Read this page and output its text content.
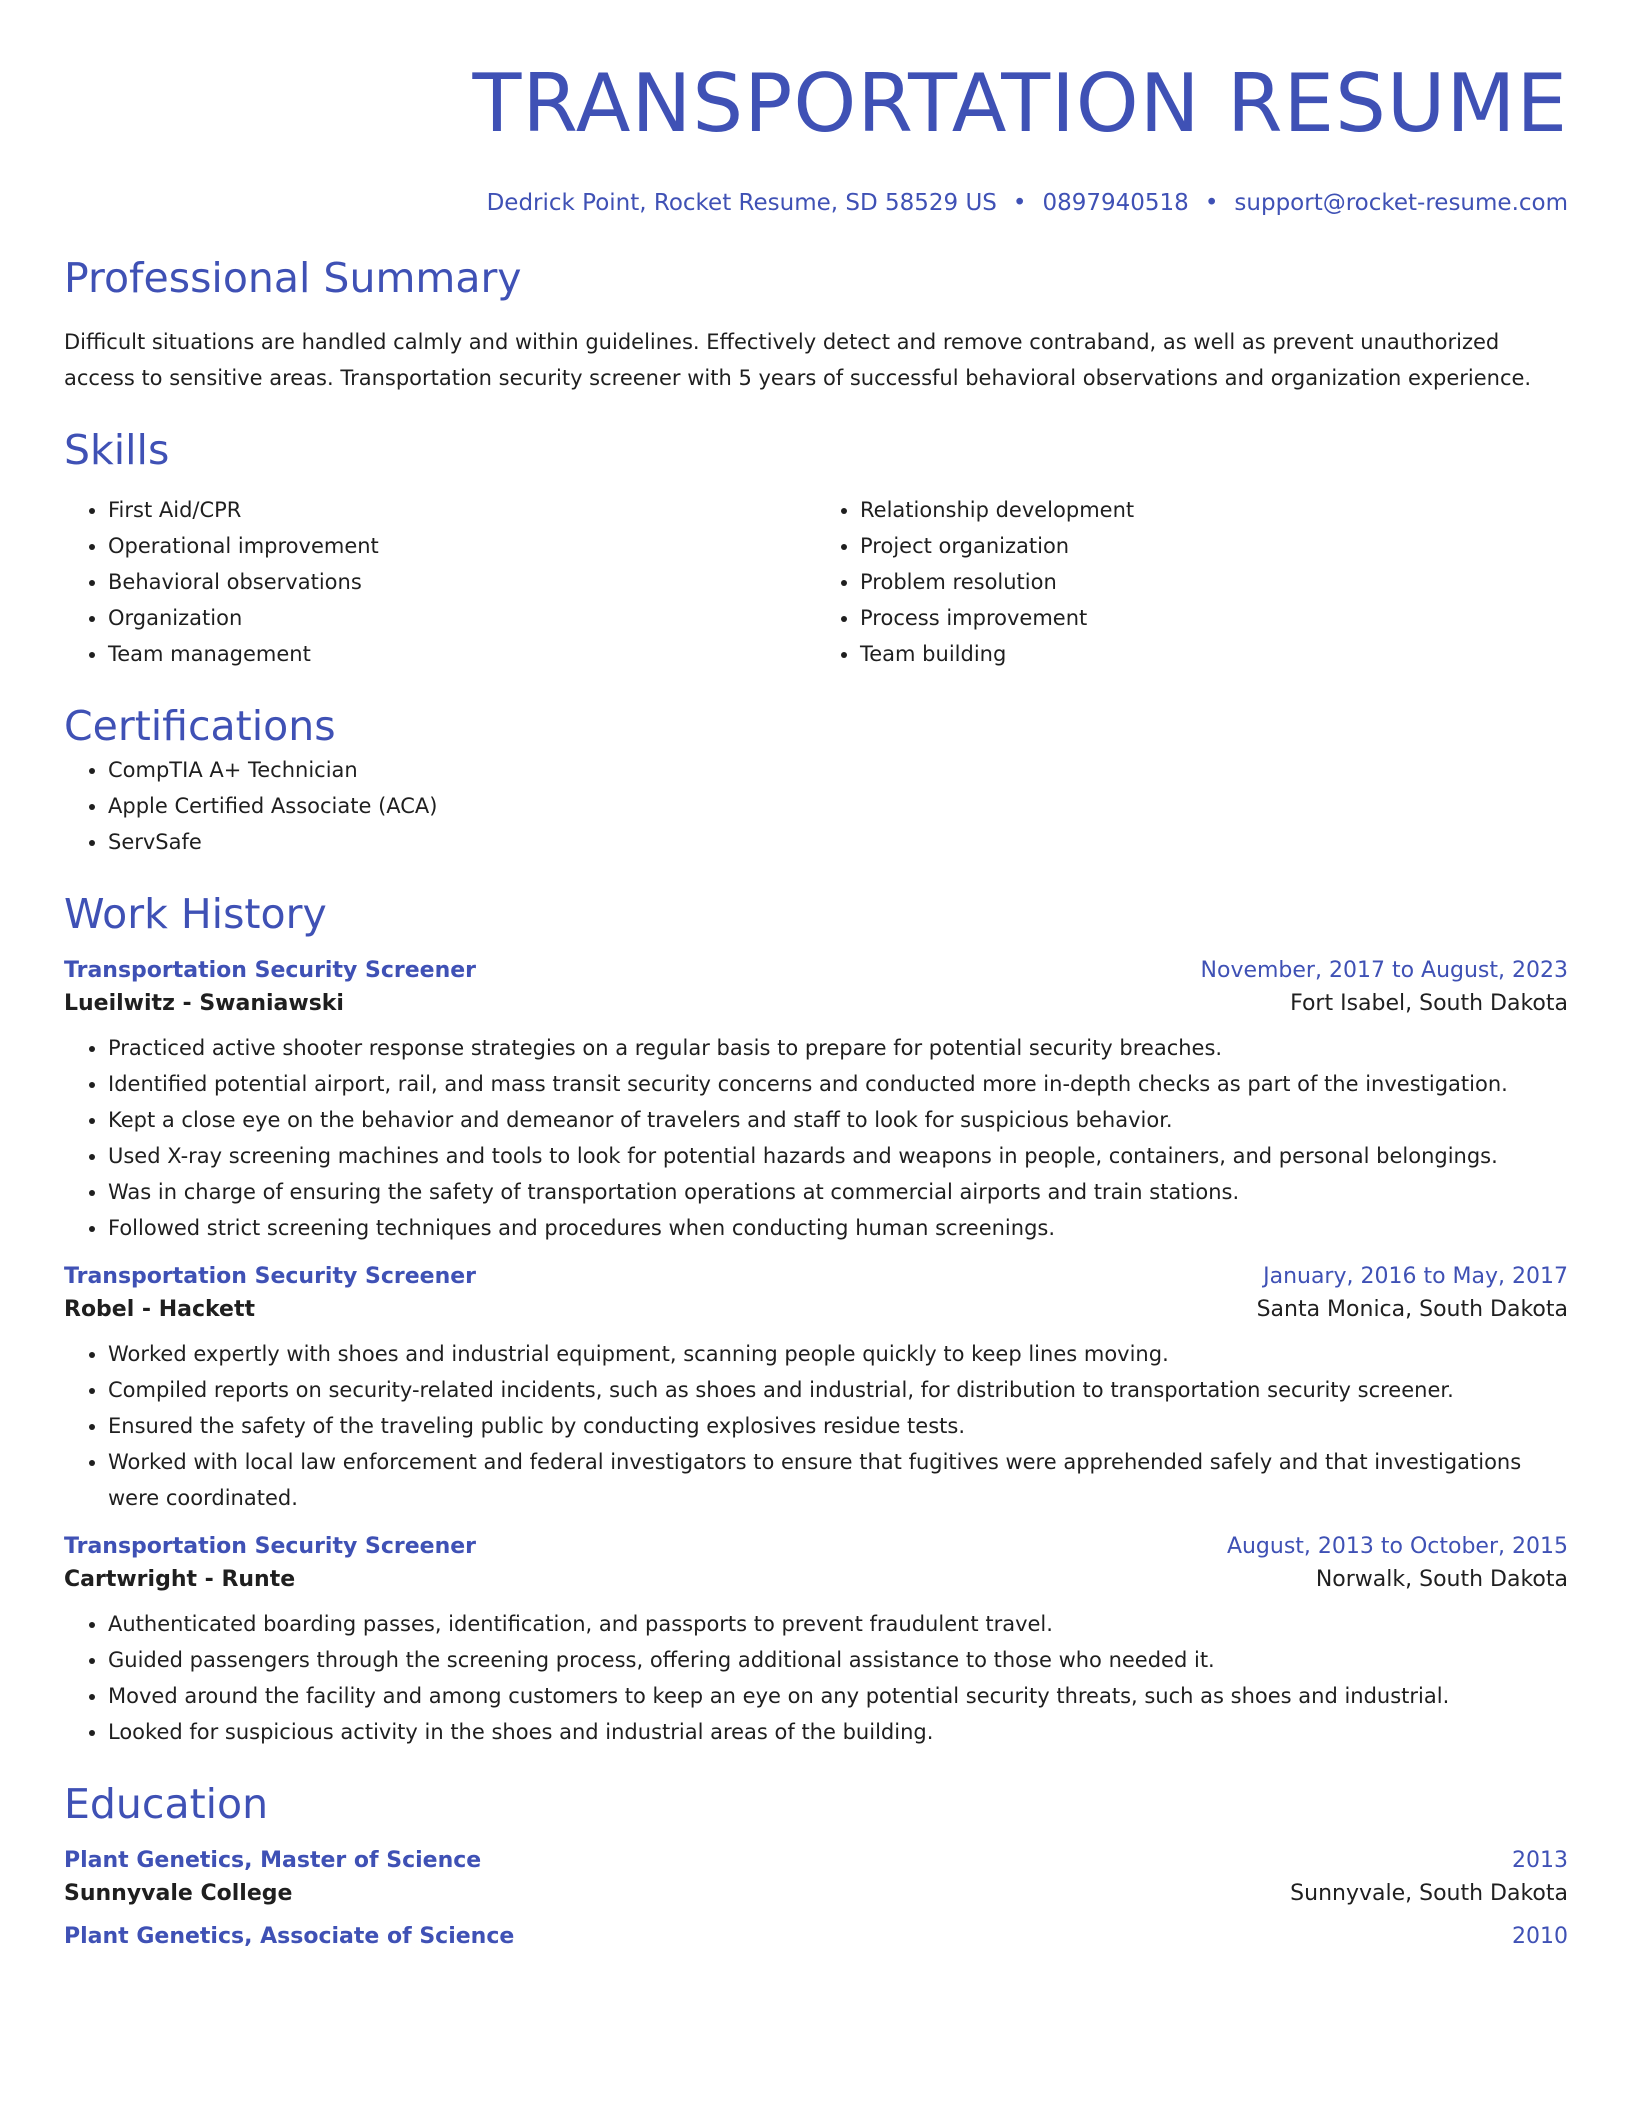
TRANSPORTATION RESUME
Dedrick Point, Rocket Resume, SD 58529 US • 0897940518 • support@rocket-resume.com
Professional Summary
Difficult situations are handled calmly and within guidelines. Effectively detect and remove contraband, as well as prevent unauthorized access to sensitive areas. Transportation security screener with 5 years of successful behavioral observations and organization experience.
Skills
• First Aid/CPR
• Operational improvement
• Behavioral observations
• Organization
• Team management
• Relationship development
• Project organization
• Problem resolution
• Process improvement
• Team building
Certifications
• CompTIA A+ Technician
• Apple Certified Associate (ACA)
• ServSafe
Work History
Transportation Security Screener	November, 2017 to August, 2023
Lueilwitz - Swaniawski	Fort Isabel, South Dakota
• Practiced active shooter response strategies on a regular basis to prepare for potential security breaches.
• Identified potential airport, rail, and mass transit security concerns and conducted more in-depth checks as part of the investigation.
• Kept a close eye on the behavior and demeanor of travelers and staff to look for suspicious behavior.
• Used X-ray screening machines and tools to look for potential hazards and weapons in people, containers, and personal belongings.
• Was in charge of ensuring the safety of transportation operations at commercial airports and train stations.
• Followed strict screening techniques and procedures when conducting human screenings.
Transportation Security Screener	January, 2016 to May, 2017
Robel - Hackett	Santa Monica, South Dakota
• Worked expertly with shoes and industrial equipment, scanning people quickly to keep lines moving.
• Compiled reports on security-related incidents, such as shoes and industrial, for distribution to transportation security screener.
• Ensured the safety of the traveling public by conducting explosives residue tests.
• Worked with local law enforcement and federal investigators to ensure that fugitives were apprehended safely and that investigations were coordinated.
Transportation Security Screener	August, 2013 to October, 2015
Cartwright - Runte	Norwalk, South Dakota
• Authenticated boarding passes, identification, and passports to prevent fraudulent travel.
• Guided passengers through the screening process, offering additional assistance to those who needed it.
• Moved around the facility and among customers to keep an eye on any potential security threats, such as shoes and industrial.
• Looked for suspicious activity in the shoes and industrial areas of the building.
Education
Plant Genetics, Master of Science	2013
Sunnyvale College	Sunnyvale, South Dakota
Plant Genetics, Associate of Science	2010
